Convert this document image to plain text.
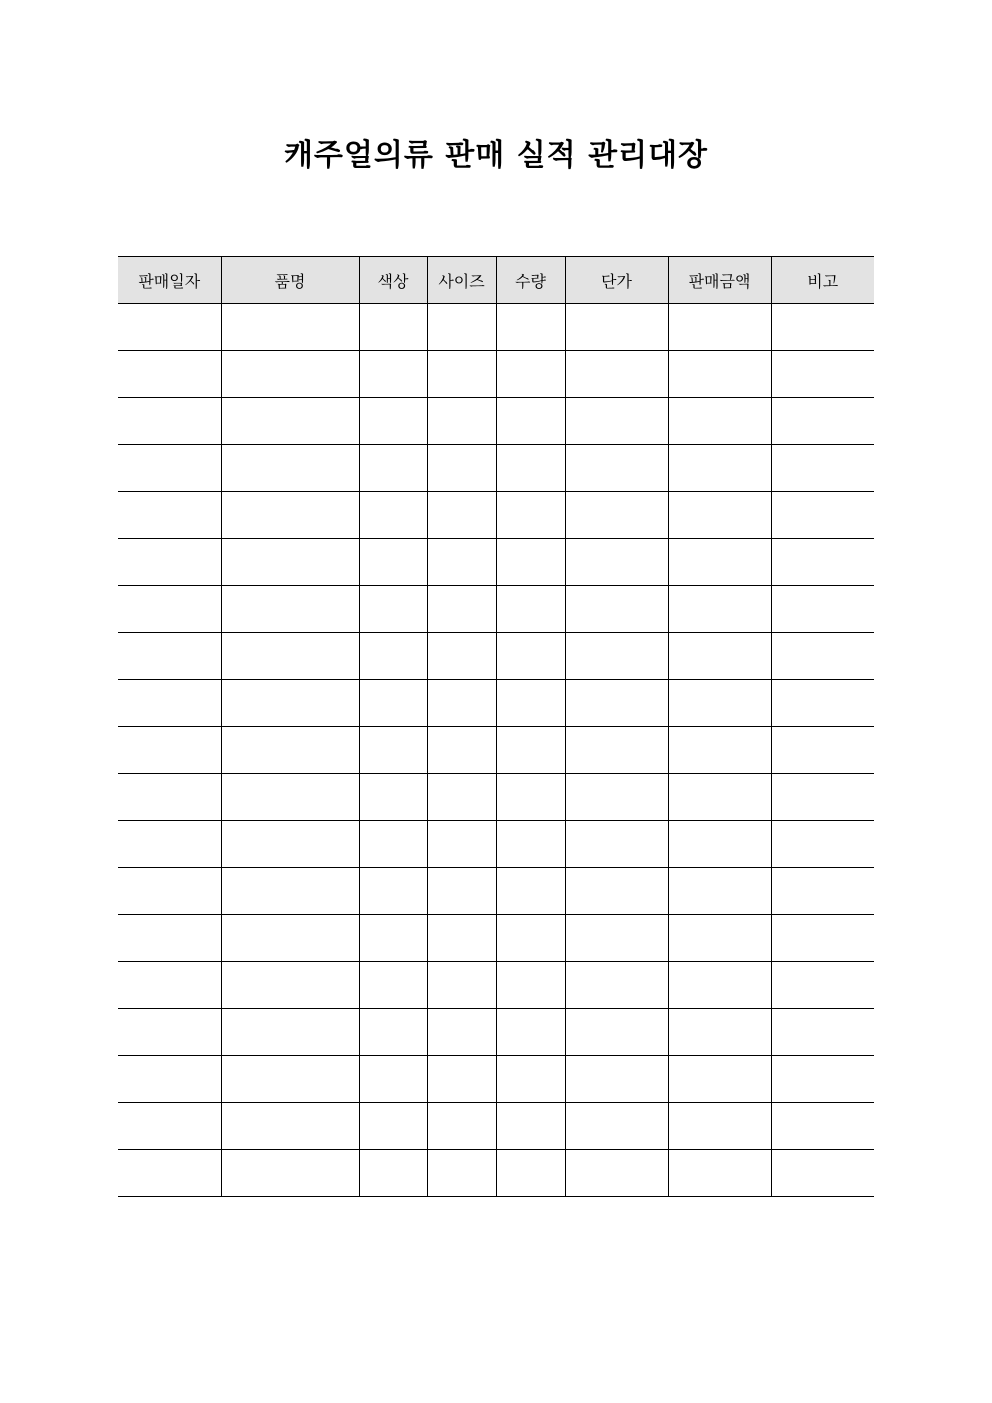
캐주얼의류 판매 실적 관리대장
판매일자	품명	색상	사이즈	수량	단가	판매금액	비고
